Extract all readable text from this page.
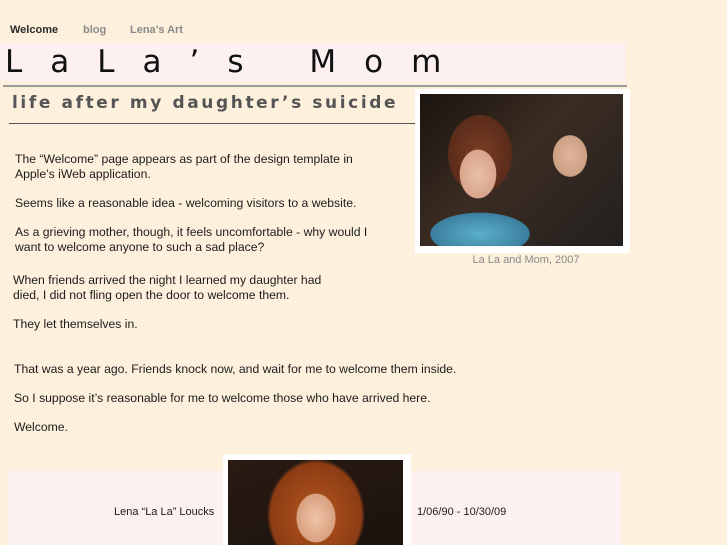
Welcome blog Lena’s Art
LaLa’s Mom
life after my daughter’s suicide
La La and Mom, 2007

The “Welcome” page appears as part of the design template in

Apple’s iWeb application.

Seems like a reasonable idea - welcoming visitors to a website.

As a grieving mother, though, it feels uncomfortable - why would I

want to welcome anyone to such a sad place?

When friends arrived the night I learned my daughter had

died, I did not fling open the door to welcome them.

They let themselves in.

That was a year ago. Friends knock now, and wait for me to welcome them inside.

So I suppose it’s reasonable for me to welcome those who have arrived here.

Welcome.

Lena “La La” Loucks	1/06/90 - 10/30/09
